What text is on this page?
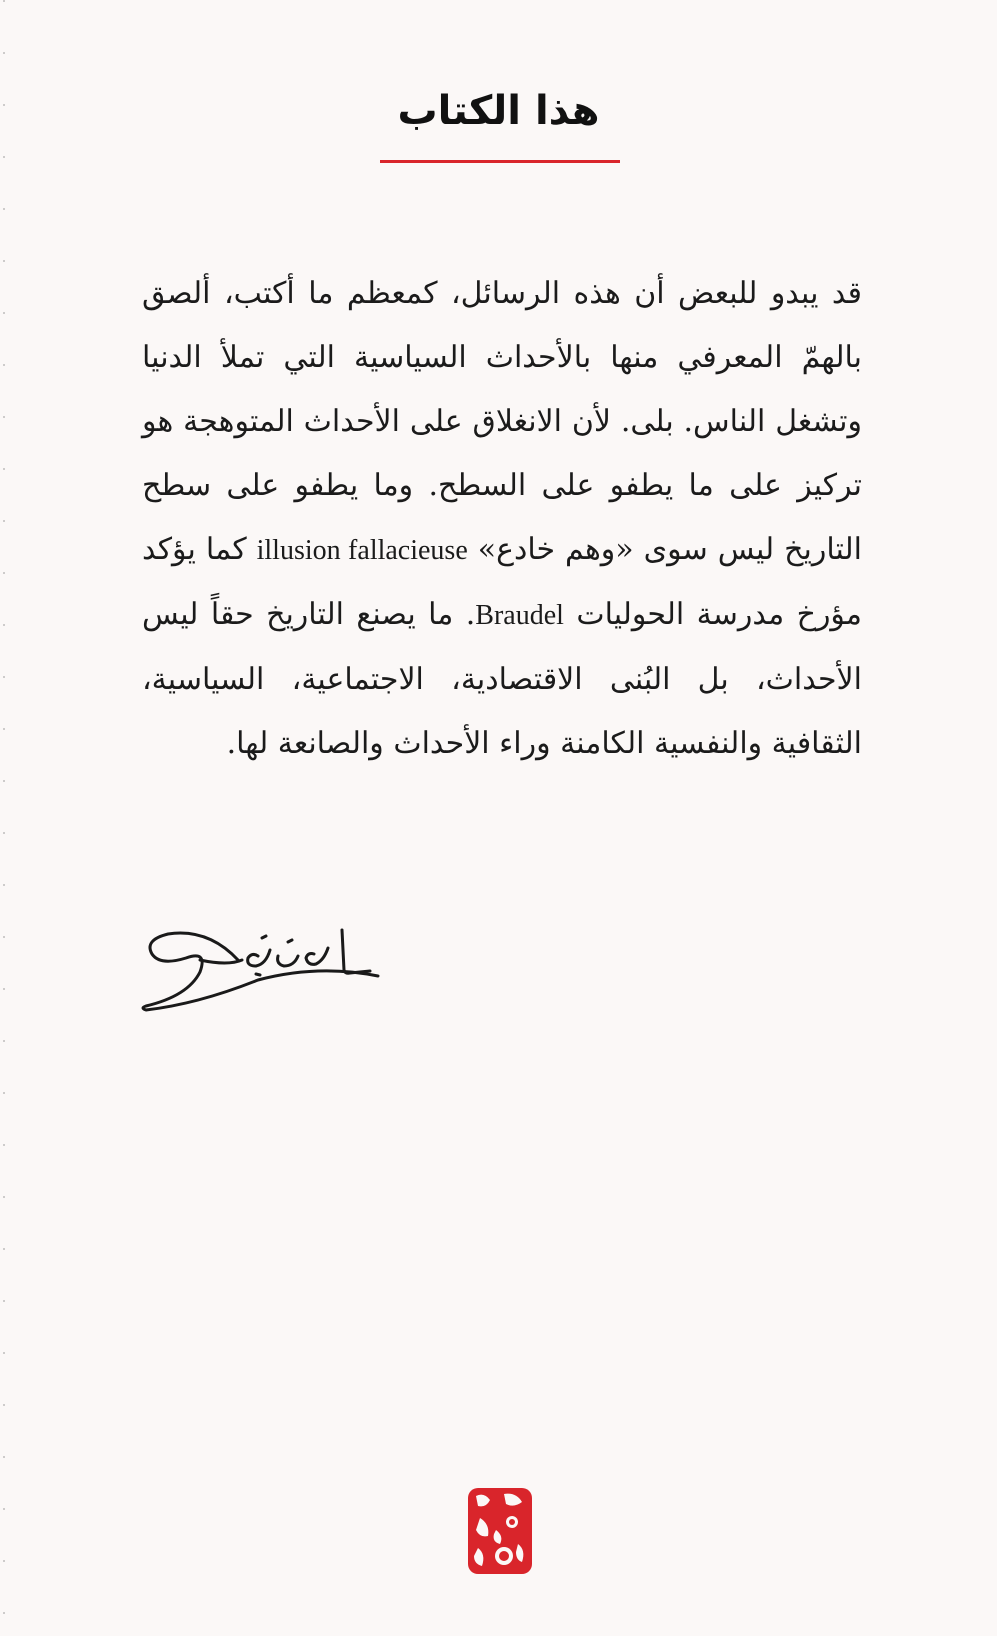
هذا الكتاب
قد يبدو للبعض أن هذه الرسائل، كمعظم ما أكتب، ألصق بالهمّ المعرفي منها بالأحداث السياسية التي تملأ الدنيا وتشغل الناس. بلى. لأن الانغلاق على الأحداث المتوهجة هو تركيز على ما يطفو على السطح. وما يطفو على سطح التاريخ ليس سوى «وهم خادع» illusion fallacieuse كما يؤكد مؤرخ مدرسة الحوليات Braudel. ما يصنع التاريخ حقاً ليس الأحداث، بل البُنى الاقتصادية، الاجتماعية، السياسية، الثقافية والنفسية الكامنة وراء الأحداث والصانعة لها.
